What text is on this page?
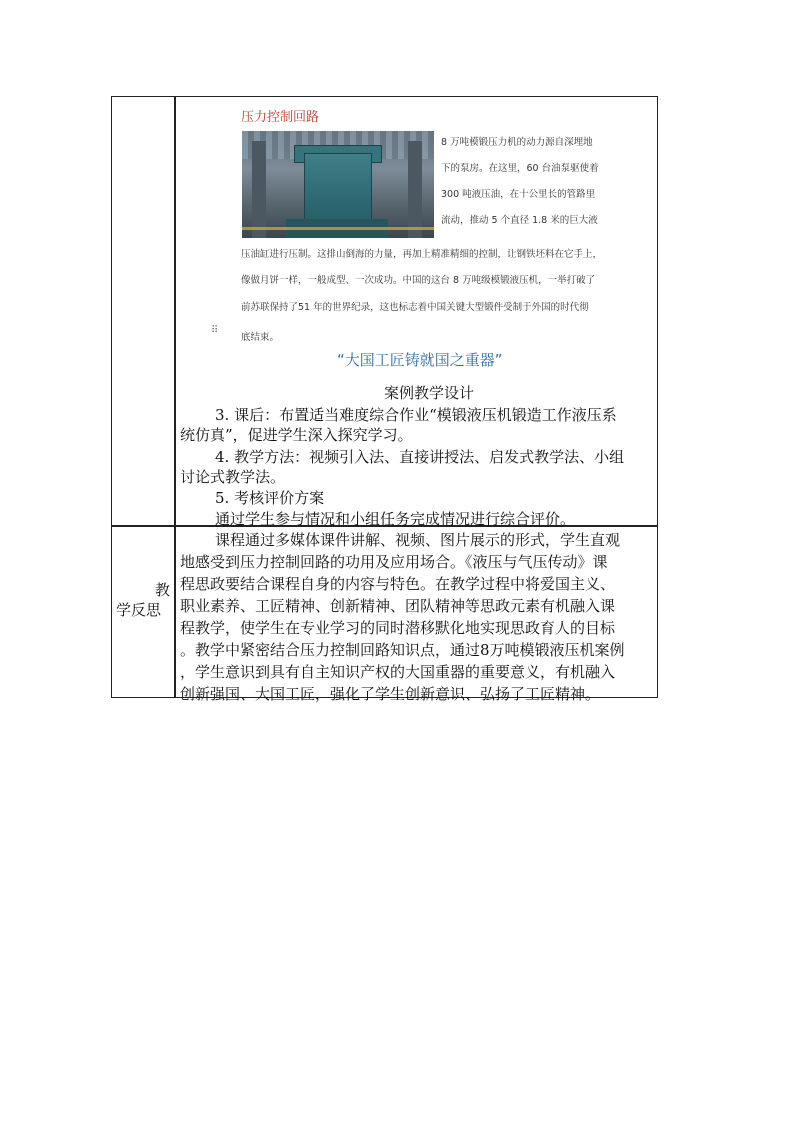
教
学反思
压力控制回路
8 万吨模锻压力机的动力源自深埋地
下的泵房。在这里，60 台油泵驱使着
300 吨液压油，在十公里长的管路里
流动，推动 5 个直径 1.8 米的巨大液
压油缸进行压制。这排山倒海的力量，再加上精准精细的控制，让钢铁坯料在它手上，
像做月饼一样，一般成型、一次成功。中国的这台 8 万吨级模锻液压机，一举打破了
前苏联保持了51 年的世界纪录，这也标志着中国关键大型锻件受制于外国的时代彻
底结束。
⠿
“大国工匠铸就国之重器”
案例教学设计
3. 课后：布置适当难度综合作业“模锻液压机锻造工作液压系
统仿真”，促进学生深入探究学习。
4. 教学方法：视频引入法、直接讲授法、启发式教学法、小组
讨论式教学法。
5. 考核评价方案
通过学生参与情况和小组任务完成情况进行综合评价。
课程通过多媒体课件讲解、视频、图片展示的形式，学生直观
地感受到压力控制回路的功用及应用场合。《液压与气压传动》课
程思政要结合课程自身的内容与特色。在教学过程中将爱国主义、
职业素养、工匠精神、创新精神、团队精神等思政元素有机融入课
程教学，使学生在专业学习的同时潜移默化地实现思政育人的目标
。教学中紧密结合压力控制回路知识点，通过8万吨模锻液压机案例
，学生意识到具有自主知识产权的大国重器的重要意义，有机融入
创新强国、大国工匠，强化了学生创新意识、弘扬了工匠精神。
